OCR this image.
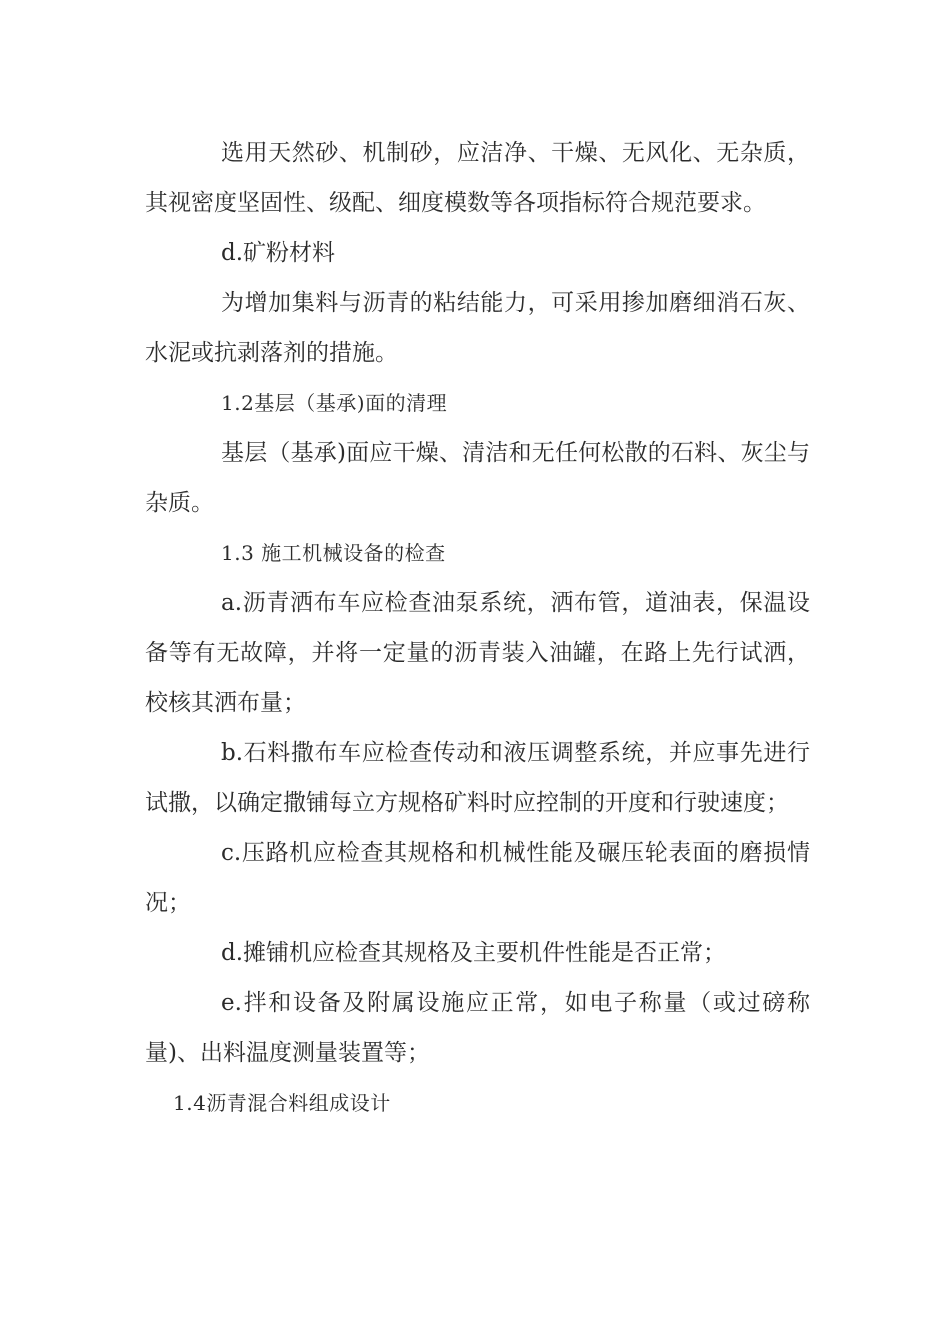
选用天然砂、机制砂，应洁净、干燥、无风化、无杂质，其视密度坚固性、级配、细度模数等各项指标符合规范要求。

d.矿粉材料

为增加集料与沥青的粘结能力，可采用掺加磨细消石灰、水泥或抗剥落剂的措施。

1.2基层（基承)面的清理

基层（基承)面应干燥、清洁和无任何松散的石料、灰尘与杂质。

1.3 施工机械设备的检查

a.沥青洒布车应检查油泵系统，洒布管，道油表，保温设备等有无故障，并将一定量的沥青装入油罐，在路上先行试洒，校核其洒布量；

b.石料撒布车应检查传动和液压调整系统，并应事先进行试撒，以确定撒铺每立方规格矿料时应控制的开度和行驶速度；

c.压路机应检查其规格和机械性能及碾压轮表面的磨损情况；

d.摊铺机应检查其规格及主要机件性能是否正常；

e.拌和设备及附属设施应正常，如电子称量（或过磅称量)、出料温度测量装置等；

1.4沥青混合料组成设计
